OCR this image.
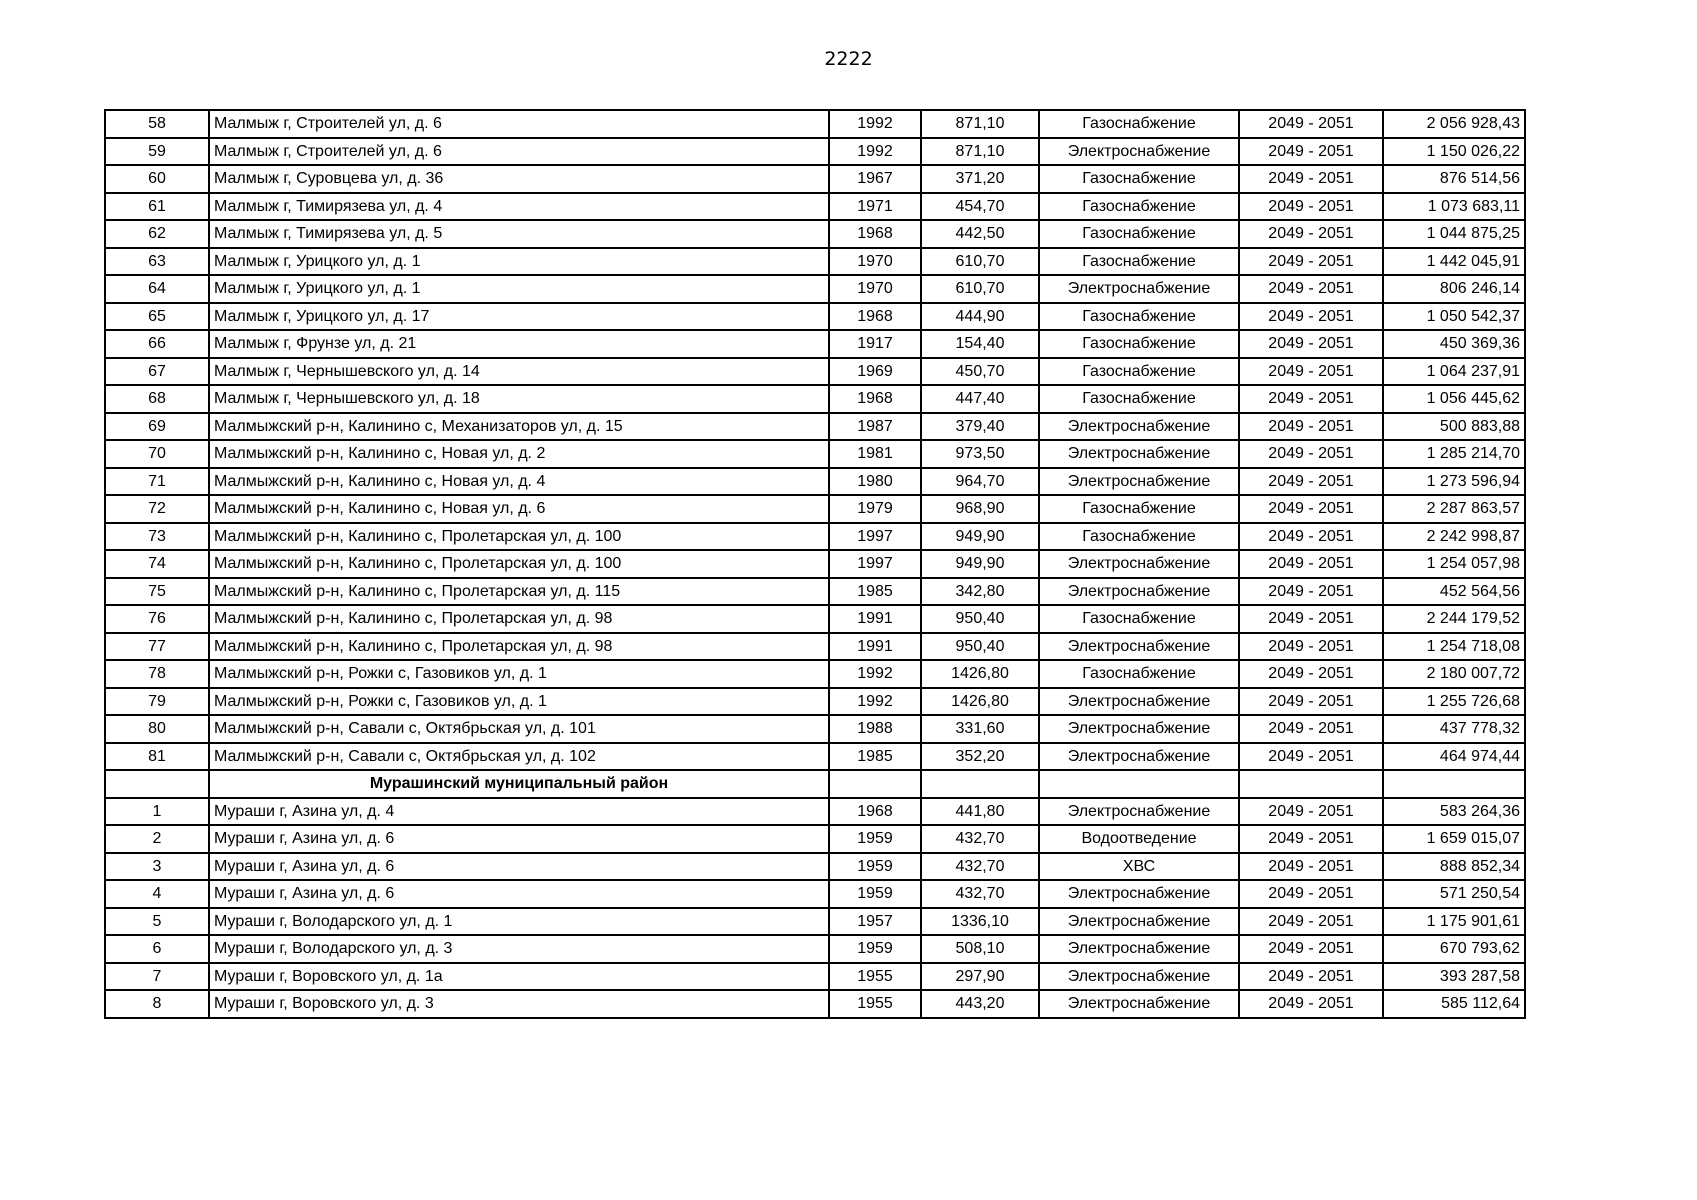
2222
58	Малмыж г, Строителей ул, д. 6	1992	871,10	Газоснабжение	2049 - 2051	2 056 928,43
59	Малмыж г, Строителей ул, д. 6	1992	871,10	Электроснабжение	2049 - 2051	1 150 026,22
60	Малмыж г, Суровцева ул, д. 36	1967	371,20	Газоснабжение	2049 - 2051	876 514,56
61	Малмыж г, Тимирязева ул, д. 4	1971	454,70	Газоснабжение	2049 - 2051	1 073 683,11
62	Малмыж г, Тимирязева ул, д. 5	1968	442,50	Газоснабжение	2049 - 2051	1 044 875,25
63	Малмыж г, Урицкого ул, д. 1	1970	610,70	Газоснабжение	2049 - 2051	1 442 045,91
64	Малмыж г, Урицкого ул, д. 1	1970	610,70	Электроснабжение	2049 - 2051	806 246,14
65	Малмыж г, Урицкого ул, д. 17	1968	444,90	Газоснабжение	2049 - 2051	1 050 542,37
66	Малмыж г, Фрунзе ул, д. 21	1917	154,40	Газоснабжение	2049 - 2051	450 369,36
67	Малмыж г, Чернышевского ул, д. 14	1969	450,70	Газоснабжение	2049 - 2051	1 064 237,91
68	Малмыж г, Чернышевского ул, д. 18	1968	447,40	Газоснабжение	2049 - 2051	1 056 445,62
69	Малмыжский р-н, Калинино с, Механизаторов ул, д. 15	1987	379,40	Электроснабжение	2049 - 2051	500 883,88
70	Малмыжский р-н, Калинино с, Новая ул, д. 2	1981	973,50	Электроснабжение	2049 - 2051	1 285 214,70
71	Малмыжский р-н, Калинино с, Новая ул, д. 4	1980	964,70	Электроснабжение	2049 - 2051	1 273 596,94
72	Малмыжский р-н, Калинино с, Новая ул, д. 6	1979	968,90	Газоснабжение	2049 - 2051	2 287 863,57
73	Малмыжский р-н, Калинино с, Пролетарская ул, д. 100	1997	949,90	Газоснабжение	2049 - 2051	2 242 998,87
74	Малмыжский р-н, Калинино с, Пролетарская ул, д. 100	1997	949,90	Электроснабжение	2049 - 2051	1 254 057,98
75	Малмыжский р-н, Калинино с, Пролетарская ул, д. 115	1985	342,80	Электроснабжение	2049 - 2051	452 564,56
76	Малмыжский р-н, Калинино с, Пролетарская ул, д. 98	1991	950,40	Газоснабжение	2049 - 2051	2 244 179,52
77	Малмыжский р-н, Калинино с, Пролетарская ул, д. 98	1991	950,40	Электроснабжение	2049 - 2051	1 254 718,08
78	Малмыжский р-н, Рожки с, Газовиков ул, д. 1	1992	1426,80	Газоснабжение	2049 - 2051	2 180 007,72
79	Малмыжский р-н, Рожки с, Газовиков ул, д. 1	1992	1426,80	Электроснабжение	2049 - 2051	1 255 726,68
80	Малмыжский р-н, Савали с, Октябрьская ул, д. 101	1988	331,60	Электроснабжение	2049 - 2051	437 778,32
81	Малмыжский р-н, Савали с, Октябрьская ул, д. 102	1985	352,20	Электроснабжение	2049 - 2051	464 974,44
	Мурашинский муниципальный район					
1	Мураши г, Азина ул, д. 4	1968	441,80	Электроснабжение	2049 - 2051	583 264,36
2	Мураши г, Азина ул, д. 6	1959	432,70	Водоотведение	2049 - 2051	1 659 015,07
3	Мураши г, Азина ул, д. 6	1959	432,70	ХВС	2049 - 2051	888 852,34
4	Мураши г, Азина ул, д. 6	1959	432,70	Электроснабжение	2049 - 2051	571 250,54
5	Мураши г, Володарского ул, д. 1	1957	1336,10	Электроснабжение	2049 - 2051	1 175 901,61
6	Мураши г, Володарского ул, д. 3	1959	508,10	Электроснабжение	2049 - 2051	670 793,62
7	Мураши г, Воровского ул, д. 1а	1955	297,90	Электроснабжение	2049 - 2051	393 287,58
8	Мураши г, Воровского ул, д. 3	1955	443,20	Электроснабжение	2049 - 2051	585 112,64
